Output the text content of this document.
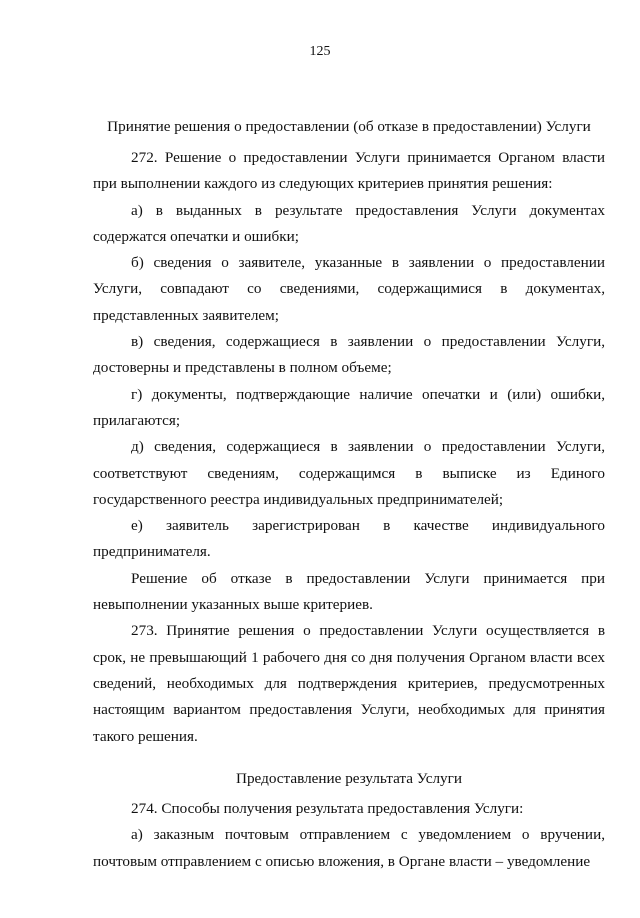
125

Принятие решения о предоставлении (об отказе в предоставлении) Услуги

272. Решение о предоставлении Услуги принимается Органом власти при выполнении каждого из следующих критериев принятия решения:

а) в выданных в результате предоставления Услуги документах содержатся опечатки и ошибки;

б) сведения о заявителе, указанные в заявлении о предоставлении Услуги, совпадают со сведениями, содержащимися в документах, представленных заявителем;

в) сведения, содержащиеся в заявлении о предоставлении Услуги, достоверны и представлены в полном объеме;

г) документы, подтверждающие наличие опечатки и (или) ошибки, прилагаются;

д) сведения, содержащиеся в заявлении о предоставлении Услуги, соответствуют сведениям, содержащимся в выписке из Единого государственного реестра индивидуальных предпринимателей;

е) заявитель зарегистрирован в качестве индивидуального предпринимателя.

Решение об отказе в предоставлении Услуги принимается при невыполнении указанных выше критериев.

273. Принятие решения о предоставлении Услуги осуществляется в срок, не превышающий 1 рабочего дня со дня получения Органом власти всех сведений, необходимых для подтверждения критериев, предусмотренных настоящим вариантом предоставления Услуги, необходимых для принятия такого решения.

Предоставление результата Услуги

274. Способы получения результата предоставления Услуги:

а) заказным почтовым отправлением с уведомлением о вручении, почтовым отправлением с описью вложения, в Органе власти – уведомление
